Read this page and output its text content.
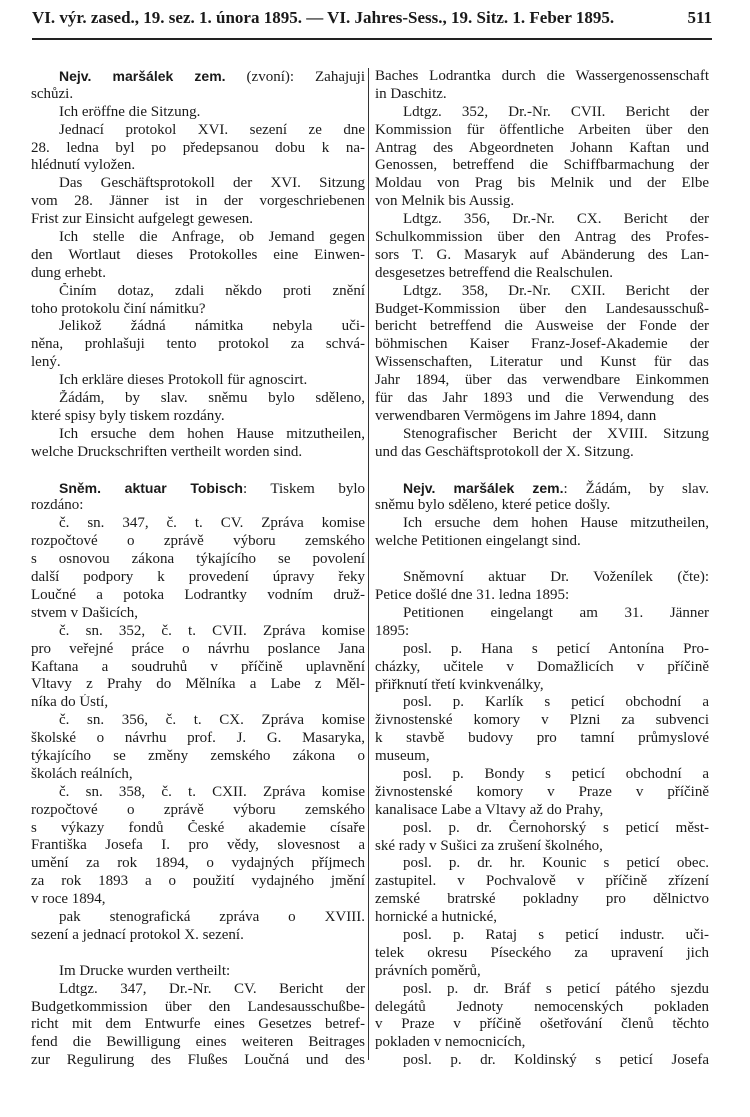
VI. výr. zased., 19. sez. 1. února 1895. — VI. Jahres-Sess., 19. Sitz. 1. Feber 1895.	511
Nejv. maršálek zem. (zvoní): Zahajuji
schůzi.
Ich eröffne die Sitzung.
Jednací protokol XVI. sezení ze dne
28. ledna byl po předepsanou dobu k na-
hlédnutí vyložen.
Das Geschäftsprotokoll der XVI. Sitzung
vom 28. Jänner ist in der vorgeschriebenen
Frist zur Einsicht aufgelegt gewesen.
Ich stelle die Anfrage, ob Jemand gegen
den Wortlaut dieses Protokolles eine Einwen-
dung erhebt.
Činím dotaz, zdali někdo proti znění
toho protokolu činí námitku?
Jelikož žádná námitka nebyla uči-
něna, prohlašuji tento protokol za schvá-
lený.
Ich erkläre dieses Protokoll für agnoscirt.
Žádám, by slav. sněmu bylo sděleno,
které spisy byly tiskem rozdány.
Ich ersuche dem hohen Hause mitzutheilen,
welche Druckschriften vertheilt worden sind.
Sněm. aktuar Tobisch: Tiskem bylo
rozdáno:
č. sn. 347, č. t. CV. Zpráva komise
rozpočtové o zprávě výboru zemského
s osnovou zákona týkajícího se povolení
další podpory k provedení úpravy řeky
Loučné a potoka Lodrantky vodním druž-
stvem v Dašicích,
č. sn. 352, č. t. CVII. Zpráva komise
pro veřejné práce o návrhu poslance Jana
Kaftana a soudruhů v příčině uplavnění
Vltavy z Prahy do Mělníka a Labe z Měl-
níka do Ústí,
č. sn. 356, č. t. CX. Zpráva komise
školské o návrhu prof. J. G. Masaryka,
týkajícího se změny zemského zákona o
školách reálních,
č. sn. 358, č. t. CXII. Zpráva komise
rozpočtové o zprávě výboru zemského
s výkazy fondů České akademie císaře
Františka Josefa I. pro vědy, slovesnost a
umění za rok 1894, o vydajných příjmech
za rok 1893 a o použití vydajného jmění
v roce 1894,
pak stenografická zpráva o XVIII.
sezení a jednací protokol X. sezení.
Im Drucke wurden vertheilt:
Ldtgz. 347, Dr.-Nr. CV. Bericht der
Budgetkommission über den Landesausschußbe-
richt mit dem Entwurfe eines Gesetzes betref-
fend die Bewilligung eines weiteren Beitrages
zur Regulirung des Flußes Loučná und des
Baches Lodrantka durch die Wassergenossenschaft
in Daschitz.
Ldtgz. 352, Dr.-Nr. CVII. Bericht der
Kommission für öffentliche Arbeiten über den
Antrag des Abgeordneten Johann Kaftan und
Genossen, betreffend die Schiffbarmachung der
Moldau von Prag bis Melnik und der Elbe
von Melnik bis Aussig.
Ldtgz. 356, Dr.-Nr. CX. Bericht der
Schulkommission über den Antrag des Profes-
sors T. G. Masaryk auf Abänderung des Lan-
desgesetzes betreffend die Realschulen.
Ldtgz. 358, Dr.-Nr. CXII. Bericht der
Budget-Kommission über den Landesausschuß-
bericht betreffend die Ausweise der Fonde der
böhmischen Kaiser Franz-Josef-Akademie der
Wissenschaften, Literatur und Kunst für das
Jahr 1894, über das verwendbare Einkommen
für das Jahr 1893 und die Verwendung des
verwendbaren Vermögens im Jahre 1894, dann
Stenografischer Bericht der XVIII. Sitzung
und das Geschäftsprotokoll der X. Sitzung.
Nejv. maršálek zem.: Žádám, by slav.
sněmu bylo sděleno, které petice došly.
Ich ersuche dem hohen Hause mitzutheilen,
welche Petitionen eingelangt sind.
Sněmovní aktuar Dr. Voženílek (čte):
Petice došlé dne 31. ledna 1895:
Petitionen eingelangt am 31. Jänner
1895:
posl. p. Hana s peticí Antonína Pro-
cházky, učitele v Domažlicích v příčině
přiřknutí třetí kvinkvenálky,
posl. p. Karlík s peticí obchodní a
živnostenské komory v Plzni za subvenci
k stavbě budovy pro tamní průmyslové
museum,
posl. p. Bondy s peticí obchodní a
živnostenské komory v Praze v příčině
kanalisace Labe a Vltavy až do Prahy,
posl. p. dr. Černohorský s peticí měst-
ské rady v Sušici za zrušení školného,
posl. p. dr. hr. Kounic s peticí obec.
zastupitel. v Pochvalově v příčině zřízení
zemské bratrské pokladny pro dělnictvo
hornické a hutnické,
posl. p. Rataj s peticí industr. uči-
telek okresu Píseckého za upravení jich
právních poměrů,
posl. p. dr. Bráf s peticí pátého sjezdu
delegátů Jednoty nemocenských pokladen
v Praze v příčině ošetřování členů těchto
pokladen v nemocnicích,
posl. p. dr. Koldinský s peticí Josefa
